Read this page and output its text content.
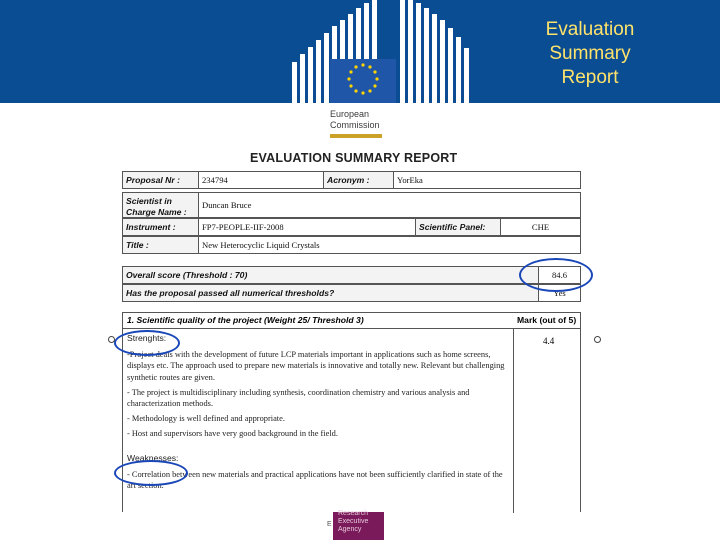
Evaluation
Summary
Report
European
Commission
EVALUATION SUMMARY REPORT
Proposal Nr :	234794	Acronym :	YorEka
Scientist in
Charge Name :
Duncan Bruce
Instrument :	FP7-PEOPLE-IIF-2008	Scientific Panel:	CHE
Title :	New Heterocyclic Liquid Crystals
Overall score (Threshold : 70)	84.6
Has the proposal passed all numerical thresholds?	Yes
1. Scientific quality of the project (Weight 25/ Threshold 3)	Mark (out of 5)
4.4

Strenghts:

-Project deals with the development of future LCP materials important in applications such as home screens, displays etc. The approach used to prepare new materials is innovative and totally new. Relevant but challenging synthetic routes are given.

- The project is multidisciplinary including synthesis, coordination chemistry and various analysis and characterization methods.

- Methodology is well defined and appropriate.

- Host and supervisors have very good background in the field.

Weaknesses:

- Correlation between new materials and practical applications have not been sufficiently clarified in state of the art section.

Research
Executive
Agency
E
